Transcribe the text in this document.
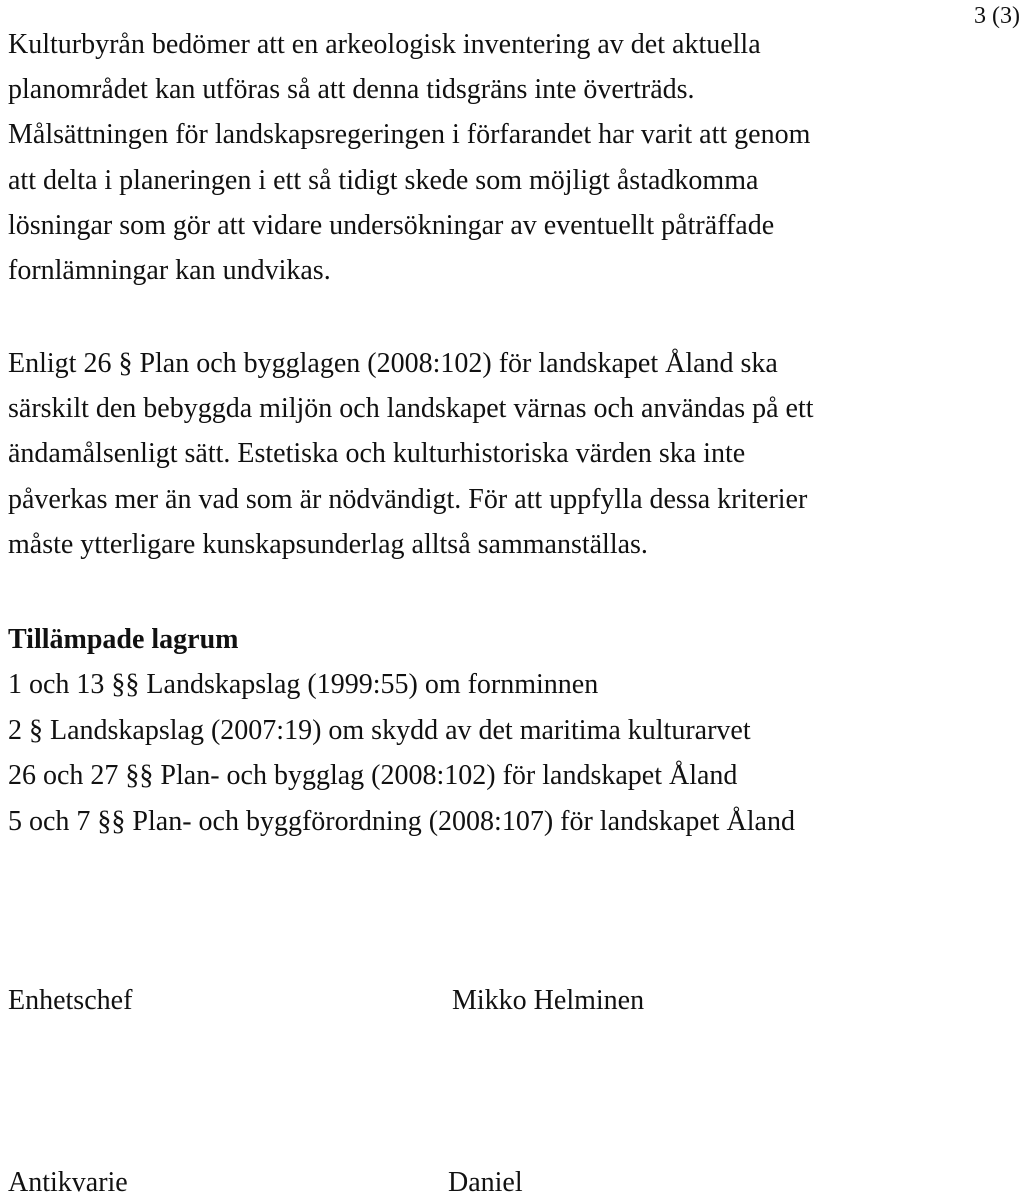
3 (3)

Kulturbyrån bedömer att en arkeologisk inventering av det aktuella
planområdet kan utföras så att denna tidsgräns inte överträds.
Målsättningen för landskapsregeringen i förfarandet har varit att genom
att delta i planeringen i ett så tidigt skede som möjligt åstadkomma
lösningar som gör att vidare undersökningar av eventuellt påträffade
fornlämningar kan undvikas.

Enligt 26 § Plan och bygglagen (2008:102) för landskapet Åland ska
särskilt den bebyggda miljön och landskapet värnas och användas på ett
ändamålsenligt sätt. Estetiska och kulturhistoriska värden ska inte
påverkas mer än vad som är nödvändigt. För att uppfylla dessa kriterier
måste ytterligare kunskapsunderlag alltså sammanställas.

Tillämpade lagrum
1 och 13 §§ Landskapslag (1999:55) om fornminnen
2 § Landskapslag (2007:19) om skydd av det maritima kulturarvet
26 och 27 §§ Plan- och bygglag (2008:102) för landskapet Åland
5 och 7 §§ Plan- och byggförordning (2008:107) för landskapet Åland
Enhetschef	Mikko Helminen
Antikvarie	Daniel
